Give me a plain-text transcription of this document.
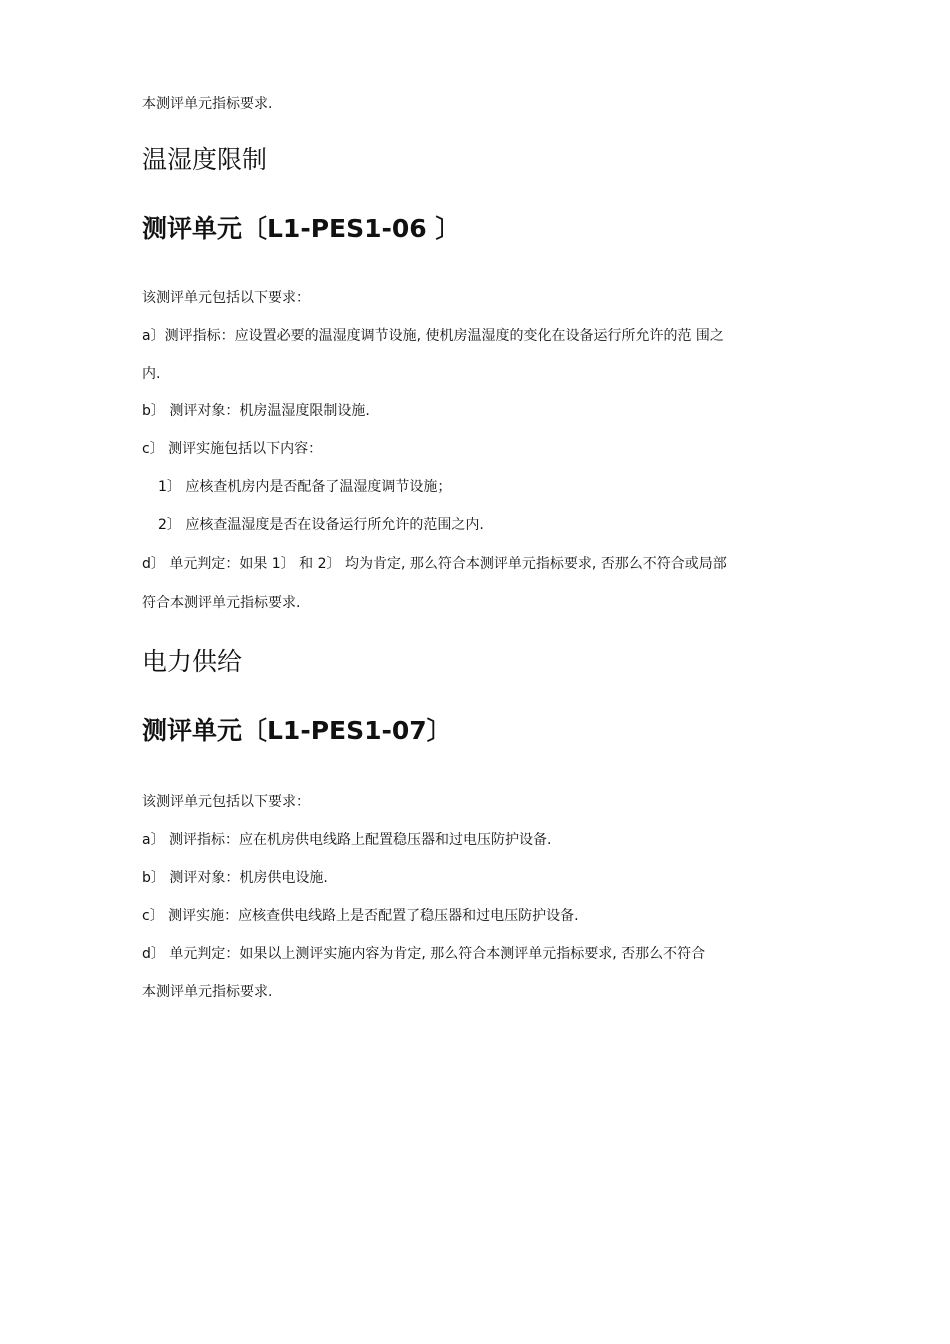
本测评单元指标要求.
温湿度限制
测评单元〔L1-PES1-06 〕
该测评单元包括以下要求：
a〕测评指标：应设置必要的温湿度调节设施, 使机房温湿度的变化在设备运行所允许的范 围之
内.
b〕 测评对象：机房温湿度限制设施.
c〕 测评实施包括以下内容：
1〕 应核查机房内是否配备了温湿度调节设施；
2〕 应核查温湿度是否在设备运行所允许的范围之内.
d〕 单元判定：如果 1〕 和 2〕 均为肯定, 那么符合本测评单元指标要求, 否那么不符合或局部
符合本测评单元指标要求.
电力供给
测评单元〔L1-PES1-07〕
该测评单元包括以下要求：
a〕 测评指标：应在机房供电线路上配置稳压器和过电压防护设备.
b〕 测评对象：机房供电设施.
c〕 测评实施：应核查供电线路上是否配置了稳压器和过电压防护设备.
d〕 单元判定：如果以上测评实施内容为肯定, 那么符合本测评单元指标要求, 否那么不符合
本测评单元指标要求.
